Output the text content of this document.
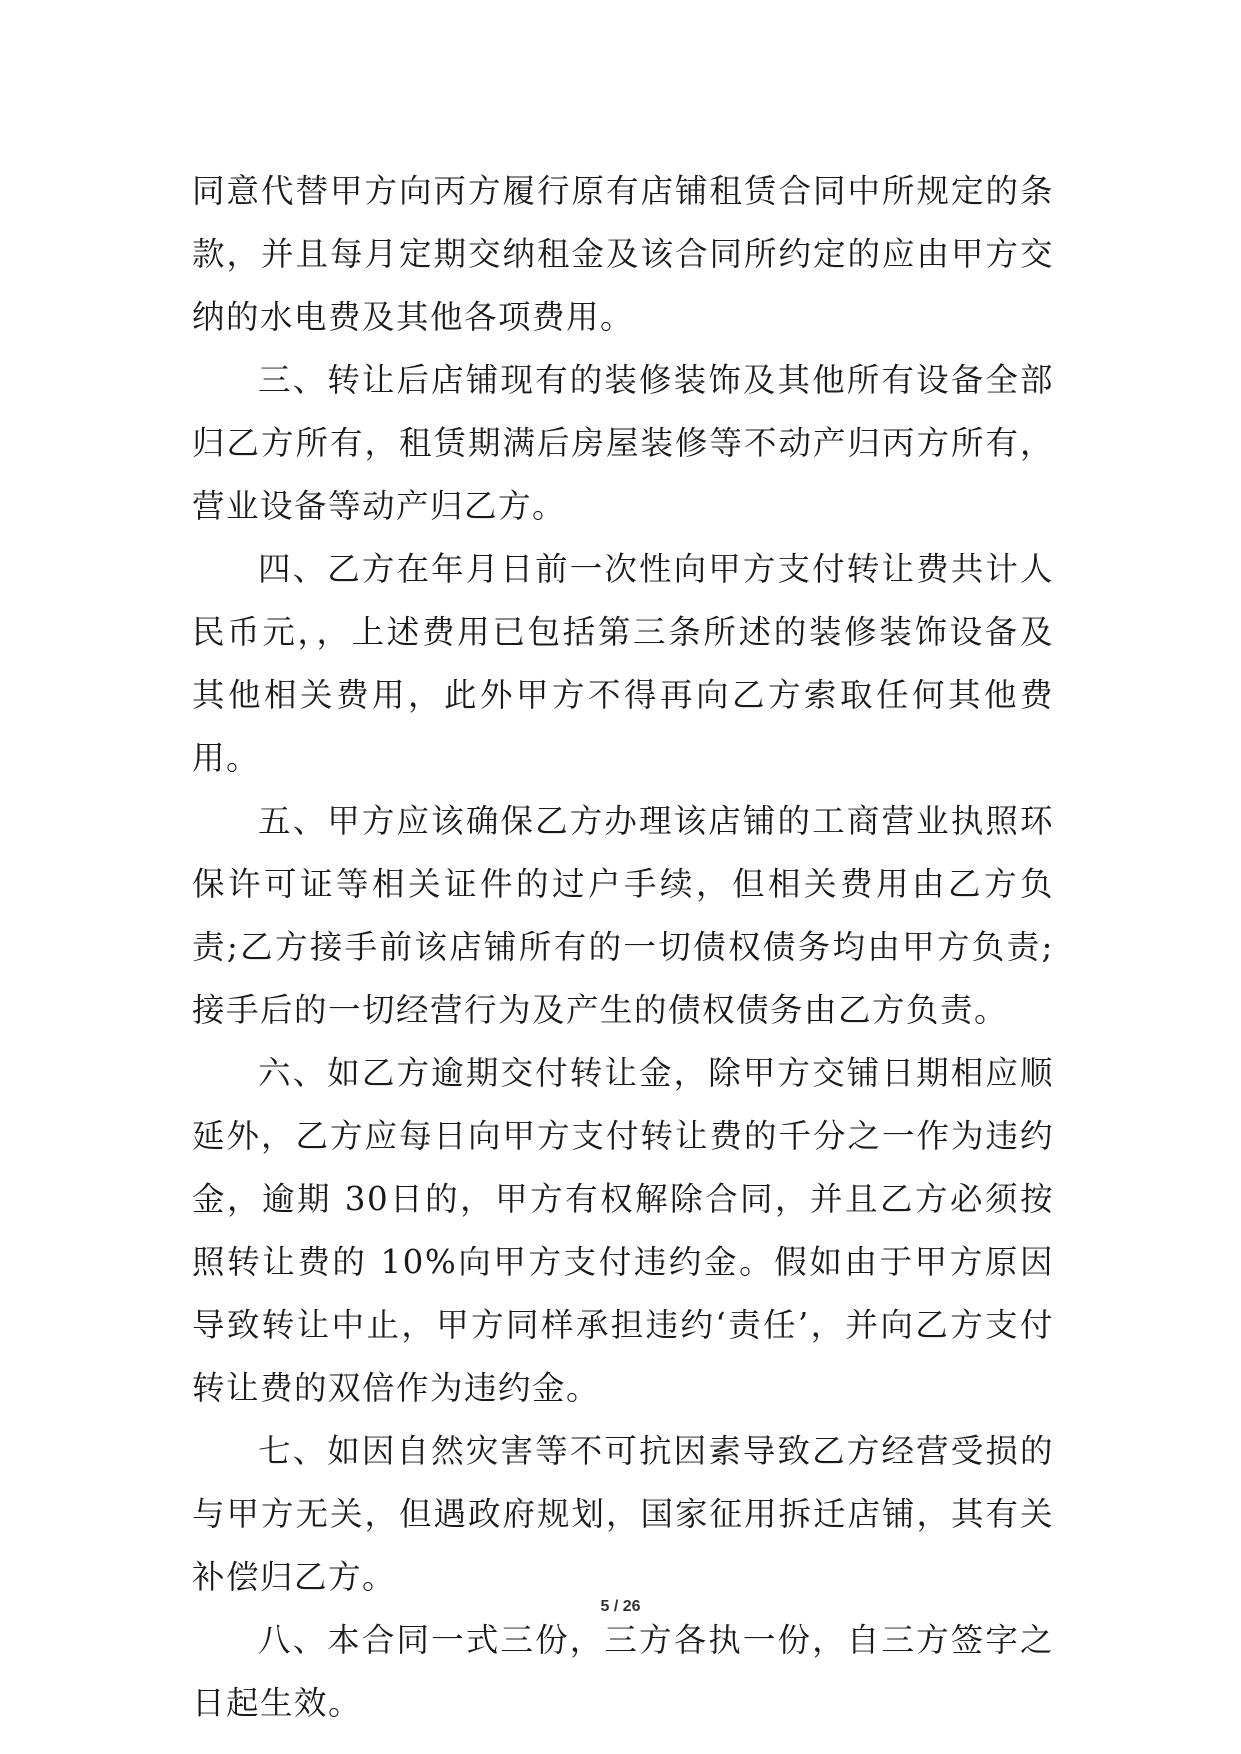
同意代替甲方向丙方履行原有店铺租赁合同中所规定的条款，并且每月定期交纳租金及该合同所约定的应由甲方交纳的水电费及其他各项费用。

三、转让后店铺现有的装修装饰及其他所有设备全部归乙方所有，租赁期满后房屋装修等不动产归丙方所有，营业设备等动产归乙方。

四、乙方在年月日前一次性向甲方支付转让费共计人民币元，，上述费用已包括第三条所述的装修装饰设备及其他相关费用，此外甲方不得再向乙方索取任何其他费用。

五、甲方应该确保乙方办理该店铺的工商营业执照环保许可证等相关证件的过户手续，但相关费用由乙方负责;乙方接手前该店铺所有的一切债权债务均由甲方负责;接手后的一切经营行为及产生的债权债务由乙方负责。

六、如乙方逾期交付转让金，除甲方交铺日期相应顺延外，乙方应每日向甲方支付转让费的千分之一作为违约金，逾期 30日的，甲方有权解除合同，并且乙方必须按照转让费的 10%向甲方支付违约金。假如由于甲方原因导致转让中止，甲方同样承担违约‘责任’，并向乙方支付转让费的双倍作为违约金。

七、如因自然灾害等不可抗因素导致乙方经营受损的与甲方无关，但遇政府规划，国家征用拆迁店铺，其有关补偿归乙方。

八、本合同一式三份，三方各执一份，自三方签字之日起生效。

5 / 26
